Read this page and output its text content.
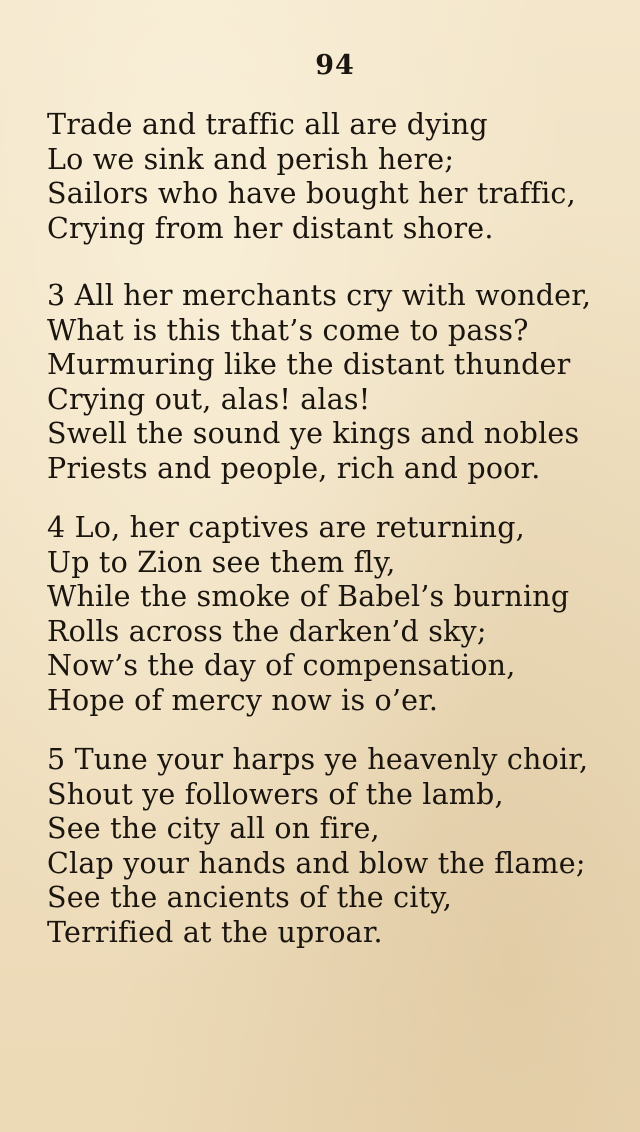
94
Trade and traffic all are dying
Lo we sink and perish here;
Sailors who have bought her traffic,
Crying from her distant shore.
3 All her merchants cry with wonder,
What is this that’s come to pass?
Murmuring like the distant thunder
Crying out, alas! alas!
Swell the sound ye kings and nobles
Priests and people, rich and poor.
4 Lo, her captives are returning,
Up to Zion see them fly,
While the smoke of Babel’s burning
Rolls across the darken’d sky;
Now’s the day of compensation,
Hope of mercy now is o’er.
5 Tune your harps ye heavenly choir,
Shout ye followers of the lamb,
See the city all on fire,
Clap your hands and blow the flame;
See the ancients of the city,
Terrified at the uproar.
